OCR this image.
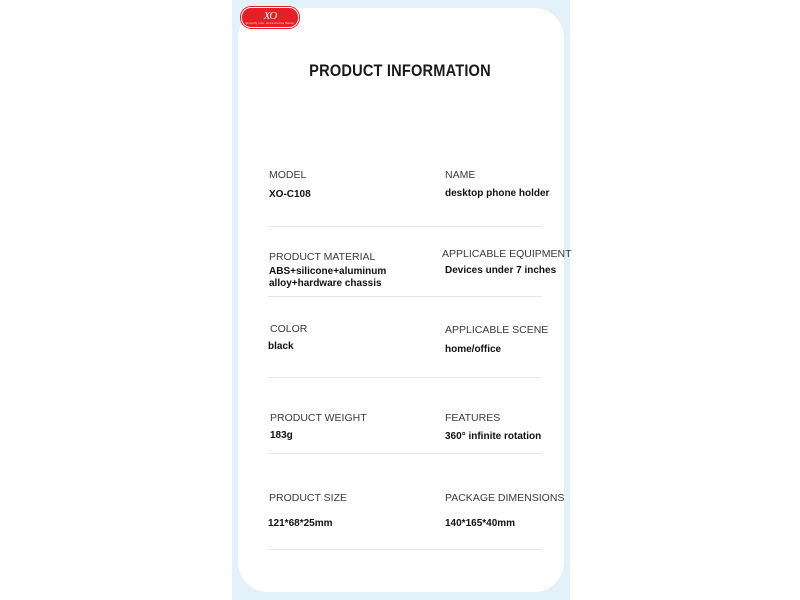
XO
Simplify Life, Accessorize Better
PRODUCT INFORMATION
MODEL
XO-C108
NAME
desktop phone holder
PRODUCT MATERIAL
ABS+silicone+aluminum
alloy+hardware chassis
APPLICABLE EQUIPMENT
Devices under 7 inches
COLOR
black
APPLICABLE SCENE
home/office
PRODUCT WEIGHT
183g
FEATURES
360° infinite rotation
PRODUCT SIZE
121*68*25mm
PACKAGE DIMENSIONS
140*165*40mm
